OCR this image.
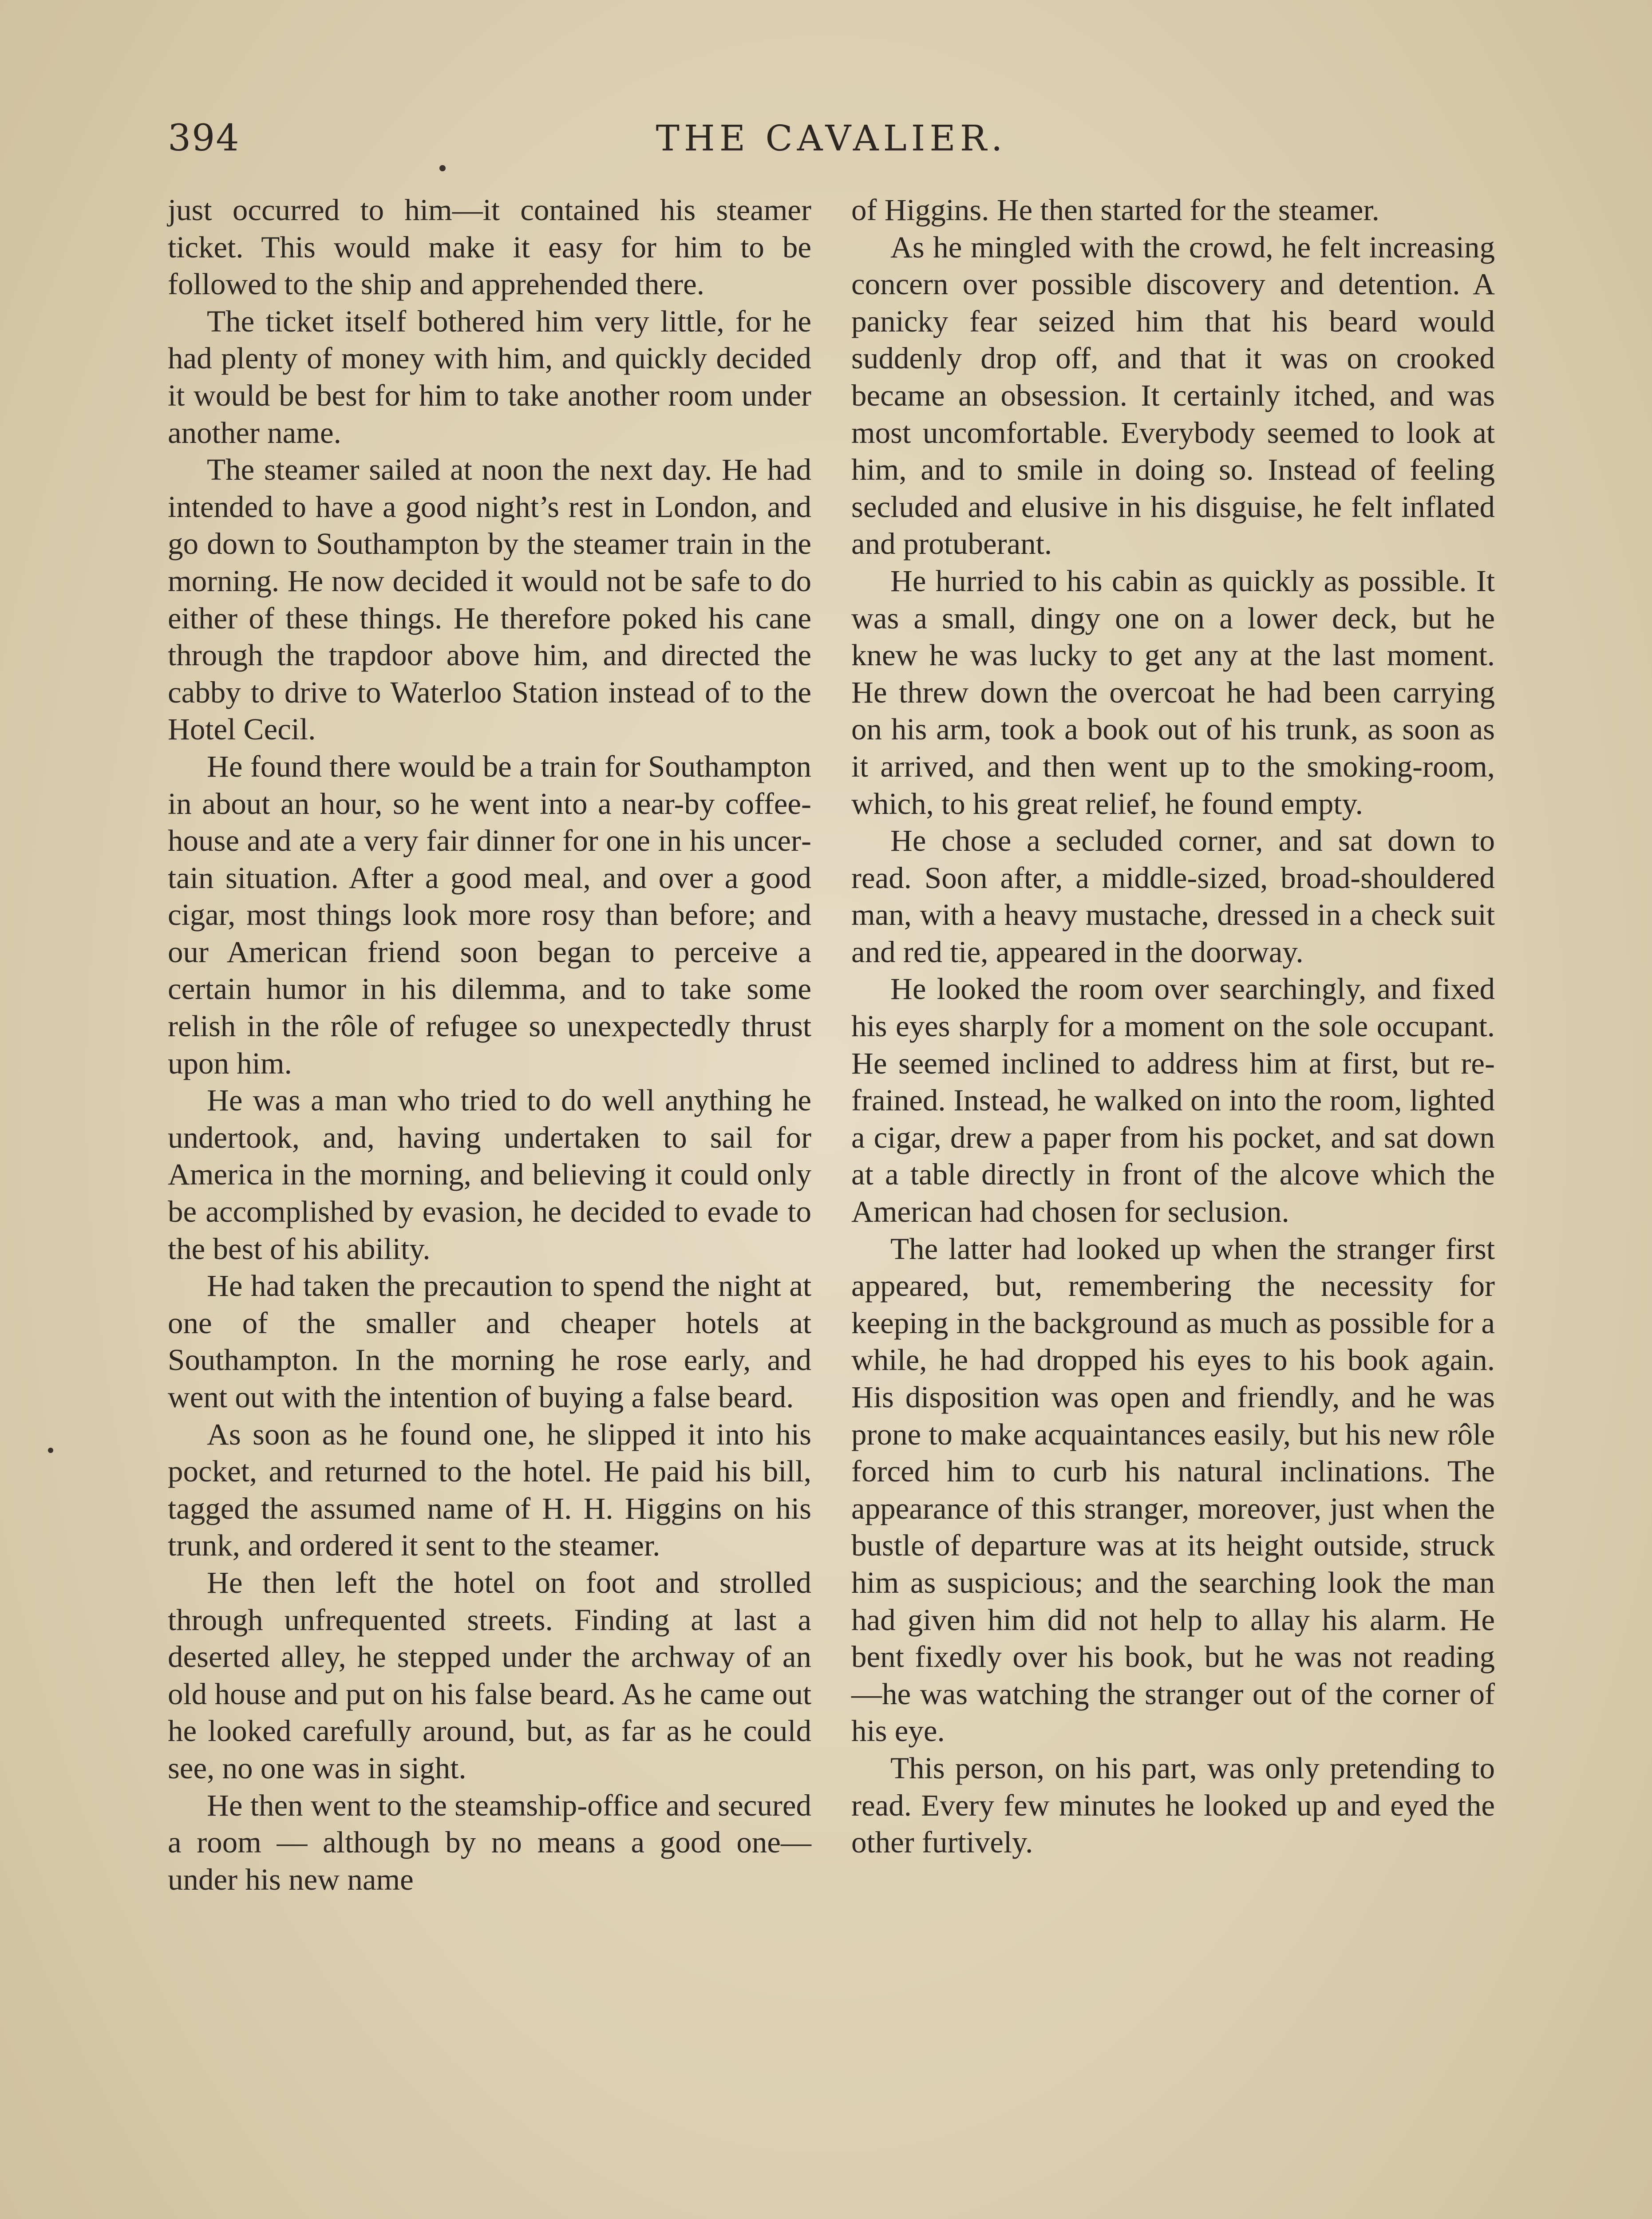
394	THE CAVALIER.

just occurred to him—it contained his steamer ticket. This would make it easy for him to be followed to the ship and apprehended there.

The ticket itself bothered him very little, for he had plenty of money with him, and quickly decided it would be best for him to take another room under another name.

The steamer sailed at noon the next day. He had intended to have a good night’s rest in London, and go down to Southampton by the steamer train in the morning. He now decided it would not be safe to do either of these things. He therefore poked his cane through the trapdoor above him, and directed the cabby to drive to Waterloo Station instead of to the Hotel Cecil.

He found there would be a train for Southampton in about an hour, so he went into a near-by coffee-house and ate a very fair dinner for one in his uncertain situation. After a good meal, and over a good cigar, most things look more rosy than before; and our American friend soon began to perceive a certain humor in his dilemma, and to take some relish in the rôle of refugee so unexpectedly thrust upon him.

He was a man who tried to do well anything he undertook, and, having undertaken to sail for America in the morning, and believing it could only be accomplished by evasion, he decided to evade to the best of his ability.

He had taken the precaution to spend the night at one of the smaller and cheaper hotels at Southampton. In the morning he rose early, and went out with the intention of buying a false beard.

As soon as he found one, he slipped it into his pocket, and returned to the hotel. He paid his bill, tagged the assumed name of H. H. Higgins on his trunk, and ordered it sent to the steamer.

He then left the hotel on foot and strolled through unfrequented streets. Finding at last a deserted alley, he stepped under the archway of an old house and put on his false beard. As he came out he looked carefully around, but, as far as he could see, no one was in sight.

He then went to the steamship-office and secured a room — although by no means a good one—under his new name

of Higgins. He then started for the steamer.

As he mingled with the crowd, he felt increasing concern over possible discovery and detention. A panicky fear seized him that his beard would suddenly drop off, and that it was on crooked became an obsession. It certainly itched, and was most uncomfortable. Everybody seemed to look at him, and to smile in doing so. Instead of feeling secluded and elusive in his disguise, he felt inflated and protuberant.

He hurried to his cabin as quickly as possible. It was a small, dingy one on a lower deck, but he knew he was lucky to get any at the last moment. He threw down the overcoat he had been carrying on his arm, took a book out of his trunk, as soon as it arrived, and then went up to the smoking-room, which, to his great relief, he found empty.

He chose a secluded corner, and sat down to read. Soon after, a middle-sized, broad-shouldered man, with a heavy mustache, dressed in a check suit and red tie, appeared in the doorway.

He looked the room over searchingly, and fixed his eyes sharply for a moment on the sole occupant. He seemed inclined to address him at first, but refrained. Instead, he walked on into the room, lighted a cigar, drew a paper from his pocket, and sat down at a table directly in front of the alcove which the American had chosen for seclusion.

The latter had looked up when the stranger first appeared, but, remembering the necessity for keeping in the background as much as possible for a while, he had dropped his eyes to his book again. His disposition was open and friendly, and he was prone to make acquaintances easily, but his new rôle forced him to curb his natural inclinations. The appearance of this stranger, moreover, just when the bustle of departure was at its height outside, struck him as suspicious; and the searching look the man had given him did not help to allay his alarm. He bent fixedly over his book, but he was not reading—he was watching the stranger out of the corner of his eye.

This person, on his part, was only pretending to read. Every few minutes he looked up and eyed the other furtively.
